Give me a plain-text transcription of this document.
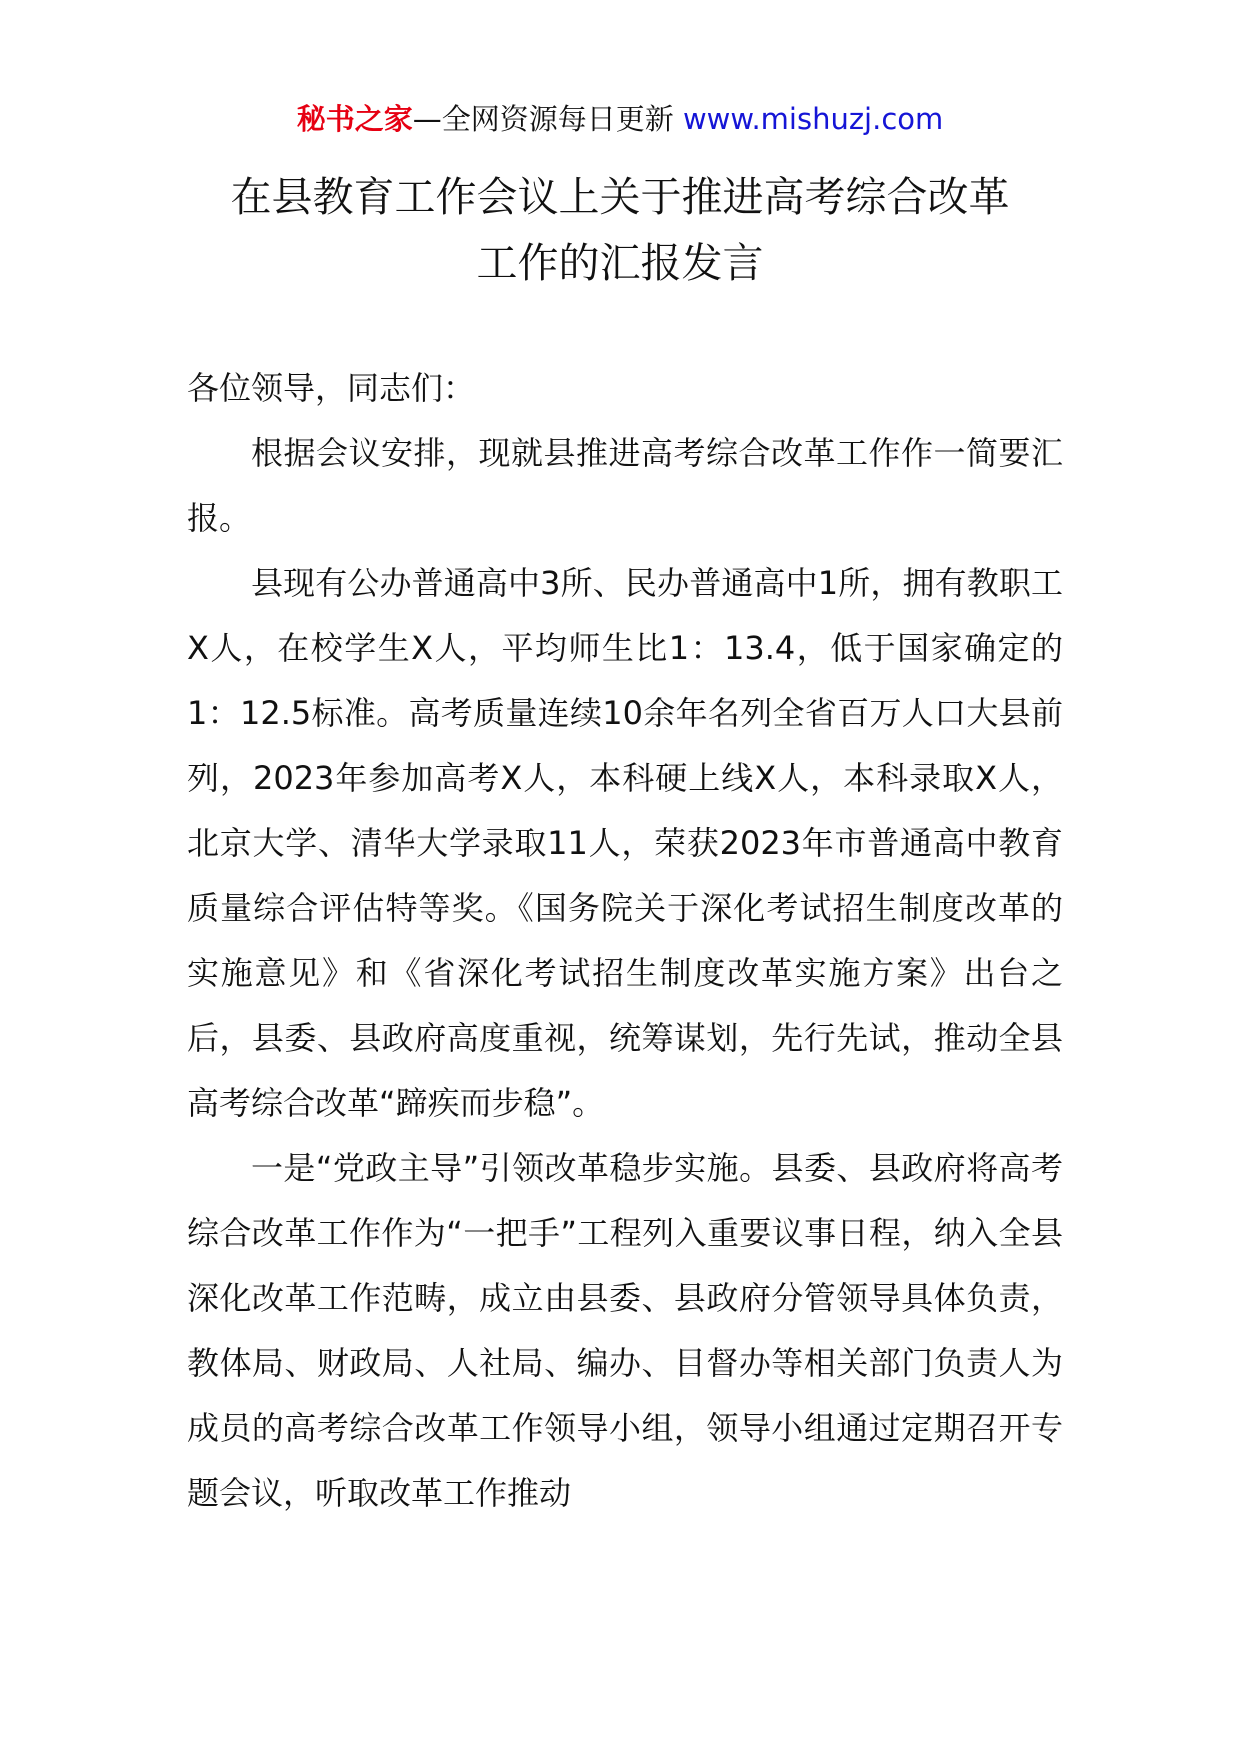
秘书之家—全网资源每日更新 www.mishuzj.com
在县教育工作会议上关于推进高考综合改革
工作的汇报发言

各位领导，同志们：

根据会议安排，现就县推进高考综合改革工作作一简要汇报。

县现有公办普通高中3所、民办普通高中1所，拥有教职工X人，在校学生X人，平均师生比1：13.4，低于国家确定的1：12.5标准。高考质量连续10余年名列全省百万人口大县前列，2023年参加高考X人，本科硬上线X人，本科录取X人，北京大学、清华大学录取11人，荣获2023年市普通高中教育质量综合评估特等奖。《国务院关于深化考试招生制度改革的实施意见》和《省深化考试招生制度改革实施方案》出台之后，县委、县政府高度重视，统筹谋划，先行先试，推动全县高考综合改革“蹄疾而步稳”。

一是“党政主导”引领改革稳步实施。县委、县政府将高考综合改革工作作为“一把手”工程列入重要议事日程，纳入全县深化改革工作范畴，成立由县委、县政府分管领导具体负责，教体局、财政局、人社局、编办、目督办等相关部门负责人为成员的高考综合改革工作领导小组，领导小组通过定期召开专题会议，听取改革工作推动
